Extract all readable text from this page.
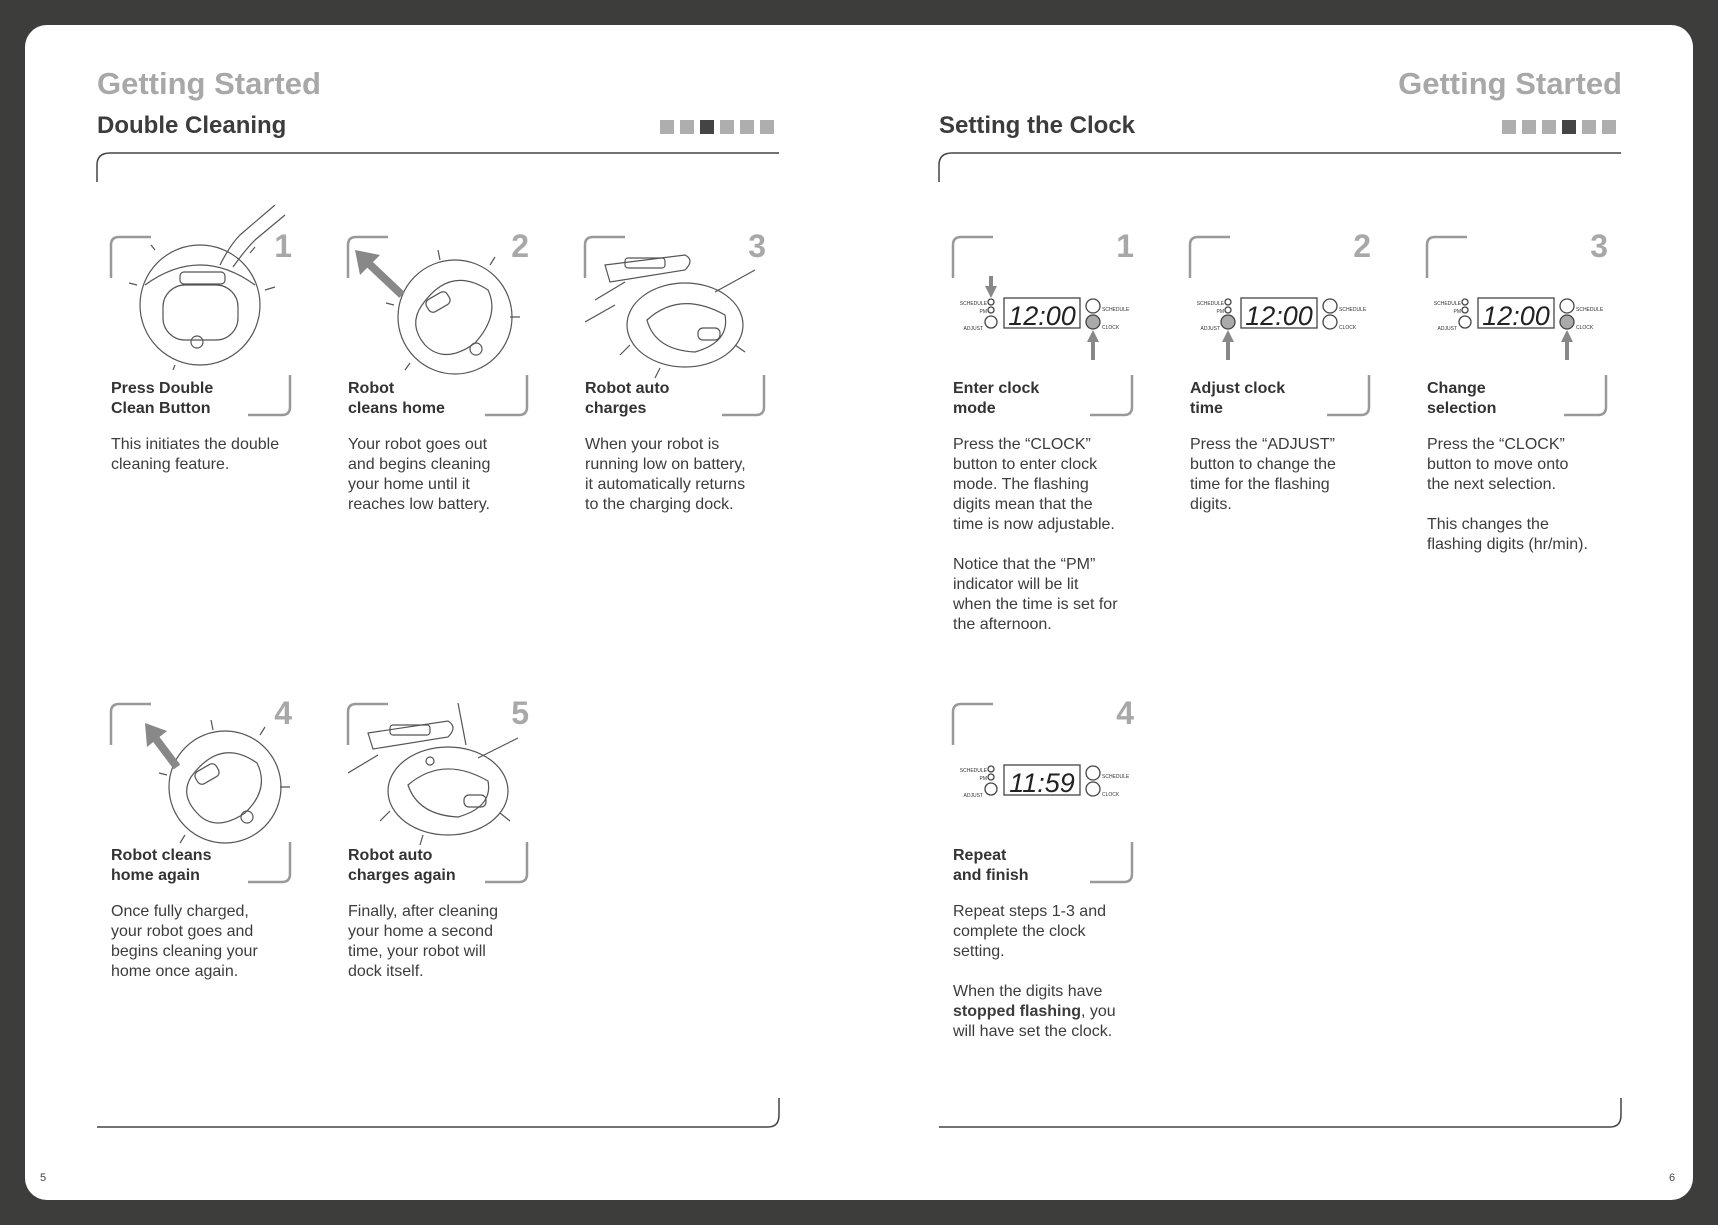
Getting Started
Double Cleaning
1	2	3
4	5
Press Double
Clean Button
Robot
cleans home
Robot auto
charges
Robot cleans
home again
Robot auto
charges again

This initiates the double
cleaning feature.

Your robot goes out
and begins cleaning
your home until it
reaches low battery.

When your robot is
running low on battery,
it automatically returns
to the charging dock.

Once fully charged,
your robot goes and
begins cleaning your
home once again.

Finally, after cleaning
your home a second
time, your robot will
dock itself.

5
Getting Started
Setting the Clock
SCHEDULE
PM
ADJUST
SCHEDULE
CLOCK
12:00	SCHEDULE
PM
ADJUST
SCHEDULE
CLOCK
12:00	SCHEDULE
PM
ADJUST
SCHEDULE
CLOCK
12:00
SCHEDULE
PM
ADJUST
SCHEDULE
CLOCK
11:59
1	2	3
4
Enter clock
mode
Adjust clock
time
Change
selection
Repeat
and finish

Press the “CLOCK”
button to enter clock
mode. The flashing
digits mean that the
time is now adjustable.

Notice that the “PM”
indicator will be lit
when the time is set for
the afternoon.

Press the “ADJUST”
button to change the
time for the flashing
digits.

Press the “CLOCK”
button to move onto
the next selection.

This changes the
flashing digits (hr/min).

Repeat steps 1-3 and
complete the clock
setting.

When the digits have
stopped flashing, you
will have set the clock.

6
